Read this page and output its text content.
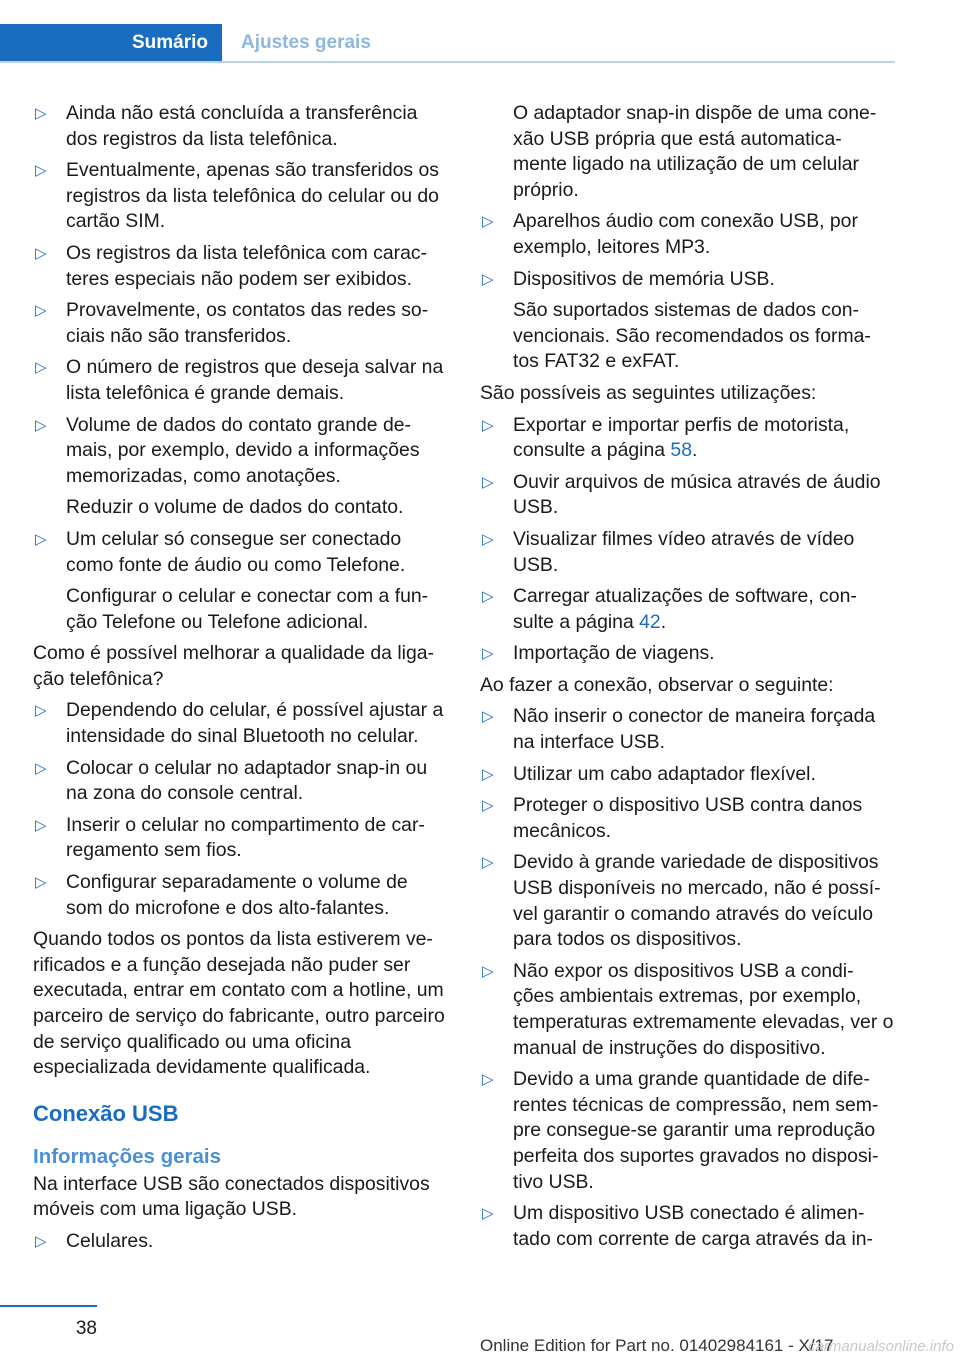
Sumário	Ajustes gerais
▷ Ainda não está concluída a transferência dos registros da lista telefônica.
▷ Eventualmente, apenas são transferidos os registros da lista telefônica do celular ou do cartão SIM.
▷ Os registros da lista telefônica com carac‐teres especiais não podem ser exibidos.
▷ Provavelmente, os contatos das redes so‐ciais não são transferidos.
▷ O número de registros que deseja salvar na lista telefônica é grande demais.
▷ Volume de dados do contato grande de‐mais, por exemplo, devido a informações memorizadas, como anotações.
Reduzir o volume de dados do contato.
▷ Um celular só consegue ser conectado como fonte de áudio ou como Telefone.
Configurar o celular e conectar com a fun‐ção Telefone ou Telefone adicional.
Como é possível melhorar a qualidade da liga‐ção telefônica?
▷ Dependendo do celular, é possível ajustar a intensidade do sinal Bluetooth no celular.
▷ Colocar o celular no adaptador snap-in ou na zona do console central.
▷ Inserir o celular no compartimento de car‐regamento sem fios.
▷ Configurar separadamente o volume de som do microfone e dos alto-falantes.
Quando todos os pontos da lista estiverem ve‐rificados e a função desejada não puder ser executada, entrar em contato com a hotline, um parceiro de serviço do fabricante, outro parceiro de serviço qualificado ou uma oficina especializada devidamente qualificada.
Conexão USB
Informações gerais
Na interface USB são conectados dispositivos móveis com uma ligação USB.
▷ Celulares.
O adaptador snap-in dispõe de uma cone‐xão USB própria que está automatica‐mente ligado na utilização de um celular próprio.
▷ Aparelhos áudio com conexão USB, por exemplo, leitores MP3.
▷ Dispositivos de memória USB.
São suportados sistemas de dados con‐vencionais. São recomendados os forma‐tos FAT32 e exFAT.
São possíveis as seguintes utilizações:
▷ Exportar e importar perfis de motorista, consulte a página 58.
▷ Ouvir arquivos de música através de áudio USB.
▷ Visualizar filmes vídeo através de vídeo USB.
▷ Carregar atualizações de software, con‐sulte a página 42.
▷ Importação de viagens.
Ao fazer a conexão, observar o seguinte:
▷ Não inserir o conector de maneira forçada na interface USB.
▷ Utilizar um cabo adaptador flexível.
▷ Proteger o dispositivo USB contra danos mecânicos.
▷ Devido à grande variedade de dispositivos USB disponíveis no mercado, não é possí‐vel garantir o comando através do veículo para todos os dispositivos.
▷ Não expor os dispositivos USB a condi‐ções ambientais extremas, por exemplo, temperaturas extremamente elevadas, ver o manual de instruções do dispositivo.
▷ Devido a uma grande quantidade de dife‐rentes técnicas de compressão, nem sem‐pre consegue-se garantir uma reprodução perfeita dos suportes gravados no disposi‐tivo USB.
▷ Um dispositivo USB conectado é alimen‐tado com corrente de carga através da in‐
38
Online Edition for Part no. 01402984161 - X/17
carmanualsonline.info
